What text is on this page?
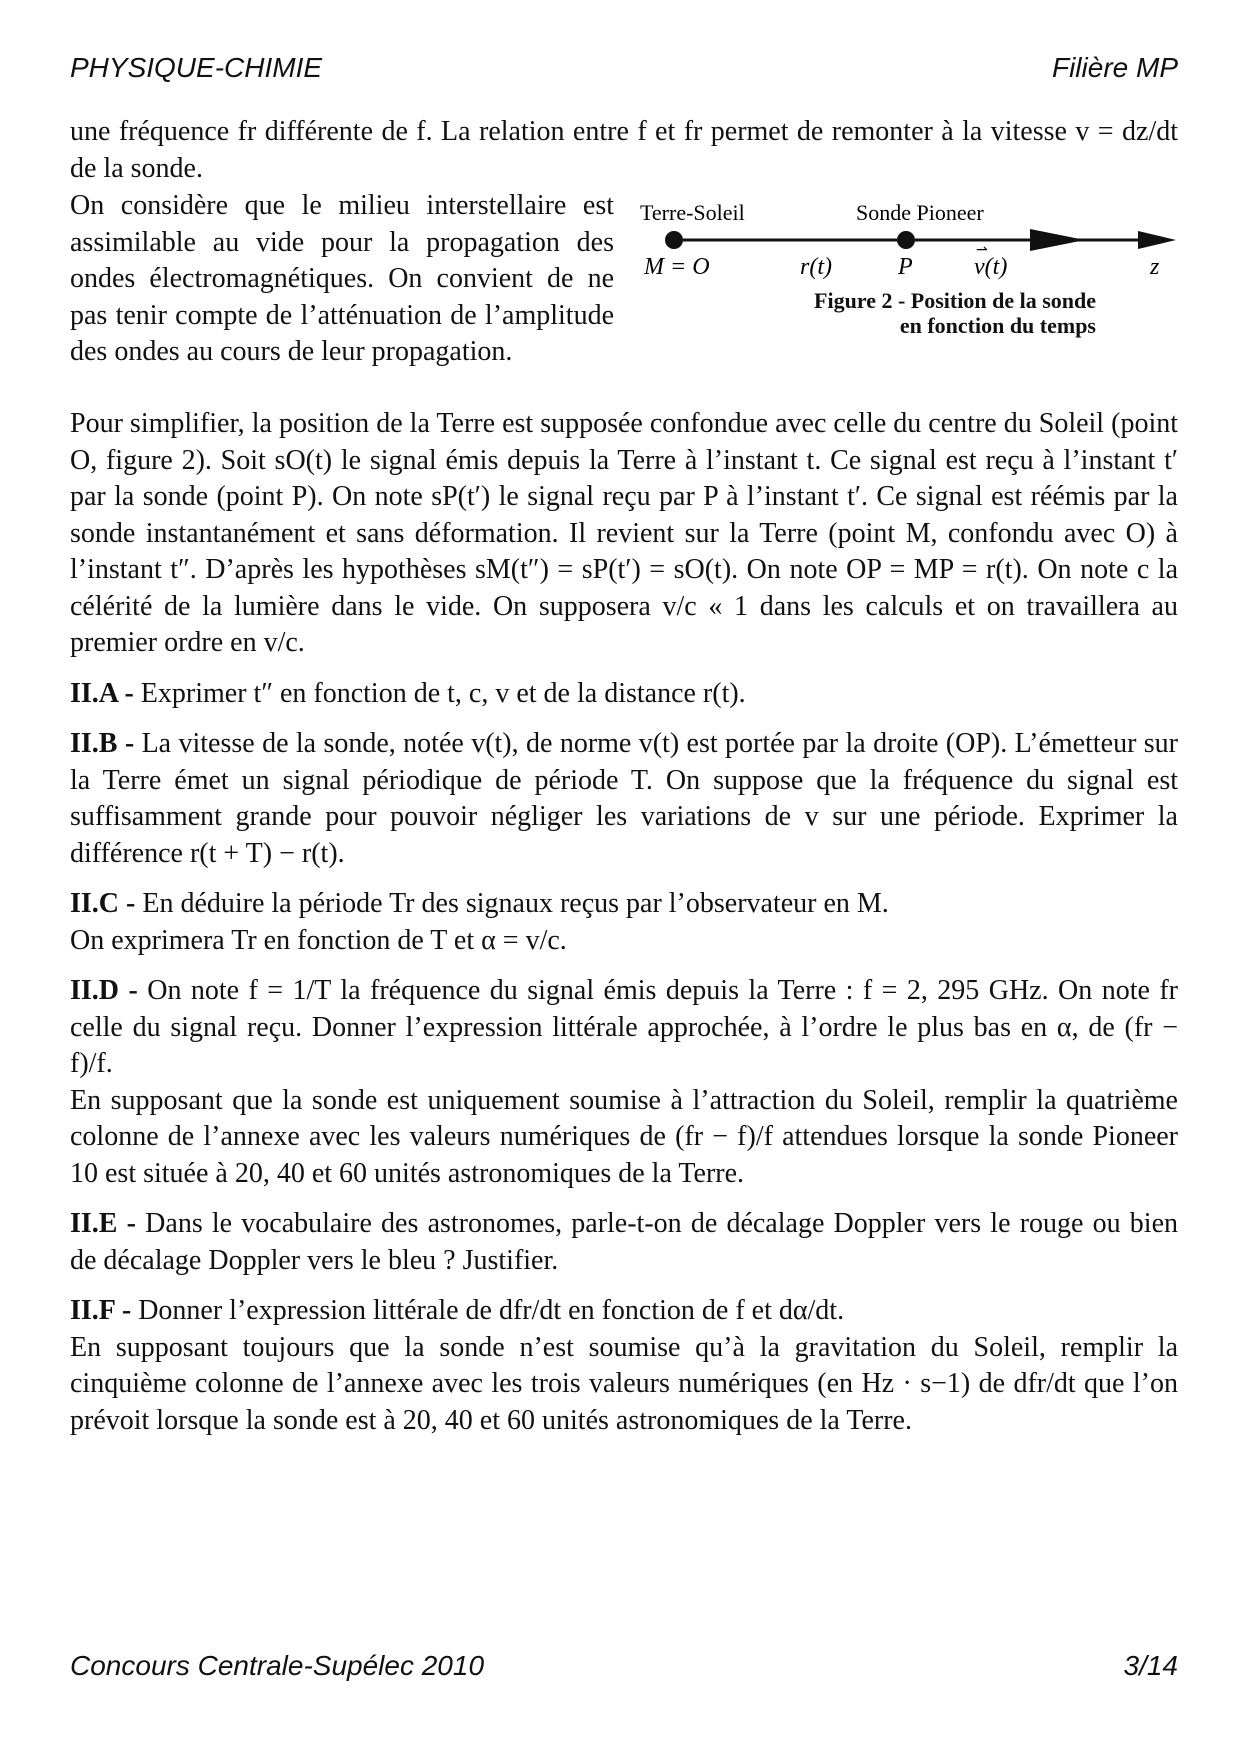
PHYSIQUE-CHIMIE	Filière MP

une fréquence fr différente de f. La relation entre f et fr permet de remonter à la vitesse v = dz/dt de la sonde.

On considère que le milieu interstellaire est assimilable au vide pour la propagation des ondes électromagnétiques. On convient de ne pas tenir compte de l’atténuation de l’amplitude des ondes au cours de leur propagation.
Terre-Soleil	Sonde Pioneer
M = O	r(t)	P	v(t)
⇀
z
Figure 2 - Position de la sonde
en fonction du temps

Pour simplifier, la position de la Terre est supposée confondue avec celle du centre du Soleil (point O, figure 2). Soit sO(t) le signal émis depuis la Terre à l’instant t. Ce signal est reçu à l’instant t′ par la sonde (point P). On note sP(t′) le signal reçu par P à l’instant t′. Ce signal est réémis par la sonde instantanément et sans déformation. Il revient sur la Terre (point M, confondu avec O) à l’instant t″. D’après les hypothèses sM(t″) = sP(t′) = sO(t). On note OP = MP = r(t). On note c la célérité de la lumière dans le vide. On supposera v/c « 1 dans les calculs et on travaillera au premier ordre en v/c.

II.A - Exprimer t″ en fonction de t, c, v et de la distance r(t).

II.B - La vitesse de la sonde, notée v(t), de norme v(t) est portée par la droite (OP). L’émetteur sur la Terre émet un signal périodique de période T. On suppose que la fréquence du signal est suffisamment grande pour pouvoir négliger les variations de v sur une période. Exprimer la différence r(t + T) − r(t).

II.C - En déduire la période Tr des signaux reçus par l’observateur en M.
On exprimera Tr en fonction de T et α = v/c.

II.D - On note f = 1/T la fréquence du signal émis depuis la Terre : f = 2, 295 GHz. On note fr celle du signal reçu. Donner l’expression littérale approchée, à l’ordre le plus bas en α, de (fr − f)/f.

En supposant que la sonde est uniquement soumise à l’attraction du Soleil, remplir la quatrième colonne de l’annexe avec les valeurs numériques de (fr − f)/f attendues lorsque la sonde Pioneer 10 est située à 20, 40 et 60 unités astronomiques de la Terre.

II.E - Dans le vocabulaire des astronomes, parle-t-on de décalage Doppler vers le rouge ou bien de décalage Doppler vers le bleu ? Justifier.

II.F - Donner l’expression littérale de dfr/dt en fonction de f et dα/dt.

En supposant toujours que la sonde n’est soumise qu’à la gravitation du Soleil, remplir la cinquième colonne de l’annexe avec les trois valeurs numériques (en Hz · s−1) de dfr/dt que l’on prévoit lorsque la sonde est à 20, 40 et 60 unités astronomiques de la Terre.

Concours Centrale-Supélec 2010	3/14
